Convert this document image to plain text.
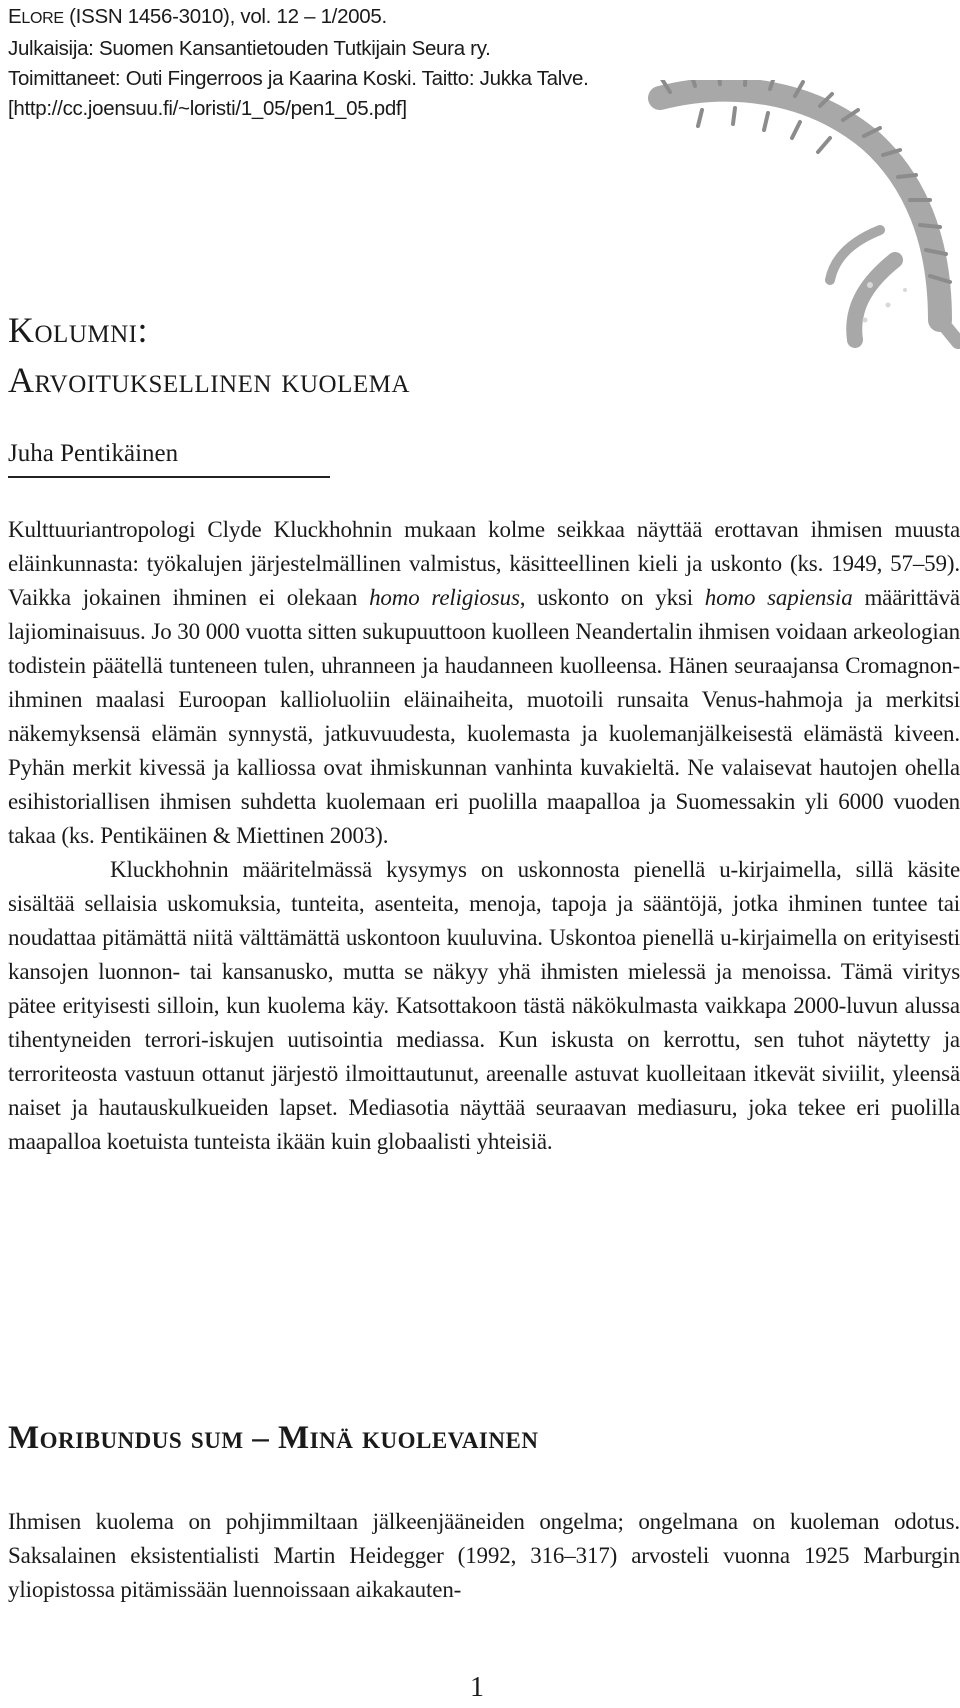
ELORE (ISSN 1456-3010), vol. 12 – 1/2005.
Julkaisija: Suomen Kansantietouden Tutkijain Seura ry.
Toimittaneet: Outi Fingerroos ja Kaarina Koski. Taitto: Jukka Talve.
[http://cc.joensuu.fi/~loristi/1_05/pen1_05.pdf]
Kolumni:
Arvoituksellinen kuolema
Juha Pentikäinen

Kulttuuriantropologi Clyde Kluckhohnin mukaan kolme seikkaa näyttää erottavan ihmisen muusta eläinkunnasta: työkalujen järjestelmällinen valmistus, käsitteellinen kieli ja uskonto (ks. 1949, 57–59). Vaikka jokainen ihminen ei olekaan homo religiosus, uskonto on yksi homo sapiensia määrittävä lajiominaisuus. Jo 30 000 vuotta sitten sukupuuttoon kuolleen Neandertalin ihmisen voidaan arkeologian todistein päätellä tunteneen tulen, uhranneen ja haudanneen kuolleensa. Hänen seuraajansa Cromagnon-ihminen maalasi Euroopan kallioluoliin eläinaiheita, muotoili runsaita Venus-hahmoja ja merkitsi näkemyksensä elämän synnystä, jatkuvuudesta, kuolemasta ja kuolemanjälkeisestä elämästä kiveen. Pyhän merkit kivessä ja kalliossa ovat ihmiskunnan vanhinta kuvakieltä. Ne valaisevat hautojen ohella esihistoriallisen ihmisen suhdetta kuolemaan eri puolilla maapalloa ja Suomessakin yli 6000 vuoden takaa (ks. Pentikäinen & Miettinen 2003).

Kluckhohnin määritelmässä kysymys on uskonnosta pienellä u-kirjaimella, sillä käsite sisältää sellaisia uskomuksia, tunteita, asenteita, menoja, tapoja ja sääntöjä, jotka ihminen tuntee tai noudattaa pitämättä niitä välttämättä uskontoon kuuluvina. Uskontoa pienellä u-kirjaimella on erityisesti kansojen luonnon- tai kansanusko, mutta se näkyy yhä ihmisten mielessä ja menoissa. Tämä viritys pätee erityisesti silloin, kun kuolema käy. Katsottakoon tästä näkökulmasta vaikkapa 2000-luvun alussa tihentyneiden terrori-iskujen uutisointia mediassa. Kun iskusta on kerrottu, sen tuhot näytetty ja terroriteosta vastuun ottanut järjestö ilmoittautunut, areenalle astuvat kuolleitaan itkevät siviilit, yleensä naiset ja hautauskulkueiden lapset. Mediasotia näyttää seuraavan mediasuru, joka tekee eri puolilla maapalloa koetuista tunteista ikään kuin globaalisti yhteisiä.

Moribundus sum – Minä kuolevainen

Ihmisen kuolema on pohjimmiltaan jälkeenjääneiden ongelma; ongelmana on kuoleman odotus. Saksalainen eksistentialisti Martin Heidegger (1992, 316–317) arvosteli vuonna 1925 Marburgin yliopistossa pitämissään luennoissaan aikakauten-

1
